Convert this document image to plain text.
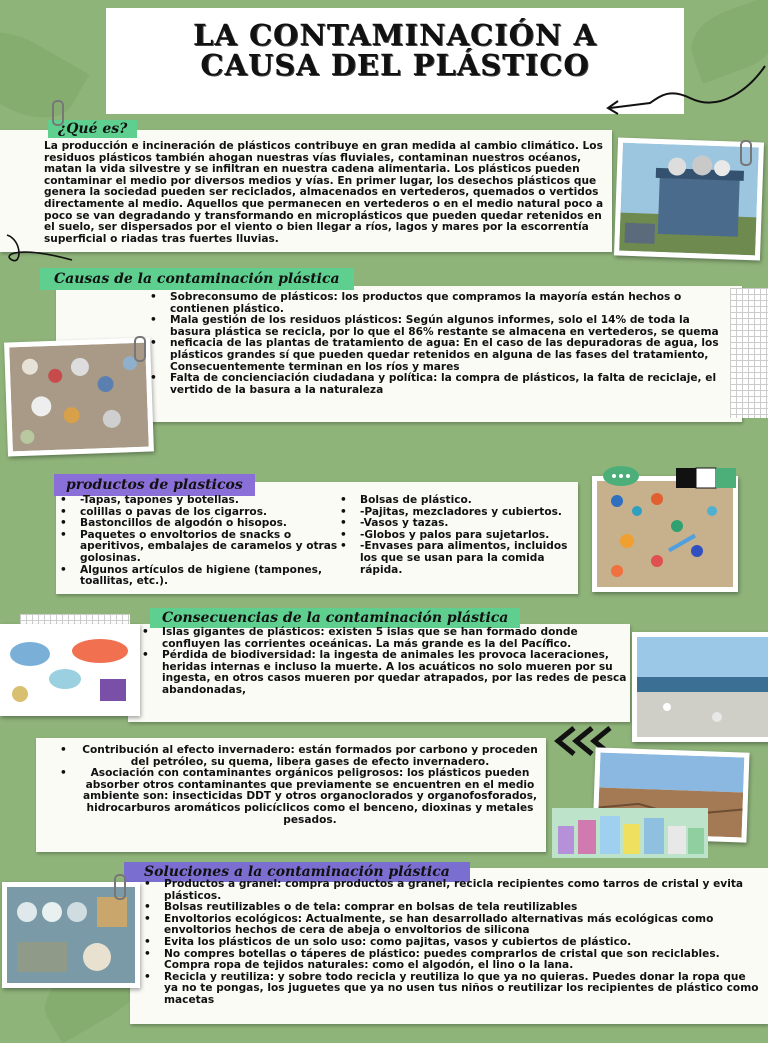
LA CONTAMINACIÓN A
CAUSA DEL PLÁSTICO
¿Qué es?
La producción e incineración de plásticos contribuye en gran medida al cambio climático. Los residuos plásticos también ahogan nuestras vías fluviales, contaminan nuestros océanos, matan la vida silvestre y se infiltran en nuestra cadena alimentaria. Los plásticos pueden contaminar el medio por diversos medios y vías. En primer lugar, los desechos plásticos que genera la sociedad pueden ser reciclados, almacenados en vertederos, quemados o vertidos directamente al medio. Aquellos que permanecen en vertederos o en el medio natural poco a poco se van degradando y transformando en microplásticos que pueden quedar retenidos en el suelo, ser dispersados por el viento o bien llegar a ríos, lagos y mares por la escorrentía superficial o riadas tras fuertes lluvias.
Causas de la contaminación plástica
• Sobreconsumo de plásticos: los productos que compramos la mayoría están hechos o contienen plástico.
• Mala gestión de los residuos plásticos: Según algunos informes, solo el 14% de toda la basura plástica se recicla, por lo que el 86% restante se almacena en vertederos, se quema
• neficacia de las plantas de tratamiento de agua: En el caso de las depuradoras de agua, los plásticos grandes sí que pueden quedar retenidos en alguna de las fases del tratamiento, Consecuentemente terminan en los ríos y mares
• Falta de concienciación ciudadana y política: la compra de plásticos, la falta de reciclaje, el vertido de la basura a la naturaleza
productos de plasticos
• -Tapas, tapones y botellas.
• colillas o pavas de los cigarros.
• Bastoncillos de algodón o hisopos.
• Paquetes o envoltorios de snacks o aperitivos, embalajes de caramelos y otras golosinas.
• Algunos artículos de higiene (tampones, toallitas, etc.).
• Bolsas de plástico.
• -Pajitas, mezcladores y cubiertos.
• -Vasos y tazas.
• -Globos y palos para sujetarlos.
• -Envases para alimentos, incluidos los que se usan para la comida rápida.
Consecuencias de la contaminación plástica
• Islas gigantes de plásticos: existen 5 islas que se han formado donde confluyen las corrientes oceánicas. La más grande es la del Pacífico.
• Pérdida de biodiversidad: la ingesta de animales les provoca laceraciones, heridas internas e incluso la muerte. A los acuáticos no solo mueren por su ingesta, en otros casos mueren por quedar atrapados, por las redes de pesca abandonadas,
• Contribución al efecto invernadero: están formados por carbono y proceden del petróleo, su quema, libera gases de efecto invernadero.
• Asociación con contaminantes orgánicos peligrosos: los plásticos pueden absorber otros contaminantes que previamente se encuentren en el medio ambiente son: insecticidas DDT y otros organoclorados y organofosforados, hidrocarburos aromáticos policíclicos como el benceno, dioxinas y metales pesados.
Soluciones a la contaminación plástica
• Productos a granel: compra productos a granel, recicla recipientes como tarros de cristal y evita plásticos.
• Bolsas reutilizables o de tela: comprar en bolsas de tela reutilizables
• Envoltorios ecológicos: Actualmente, se han desarrollado alternativas más ecológicas como envoltorios hechos de cera de abeja o envoltorios de silicona
• Evita los plásticos de un solo uso: como pajitas, vasos y cubiertos de plástico.
• No compres botellas o táperes de plástico: puedes comprarlos de cristal que son reciclables. Compra ropa de tejidos naturales: como el algodón, el lino o la lana.
• Recicla y reutiliza: y sobre todo recicla y reutiliza lo que ya no quieras. Puedes donar la ropa que ya no te pongas, los juguetes que ya no usen tus niños o reutilizar los recipientes de plástico como macetas
